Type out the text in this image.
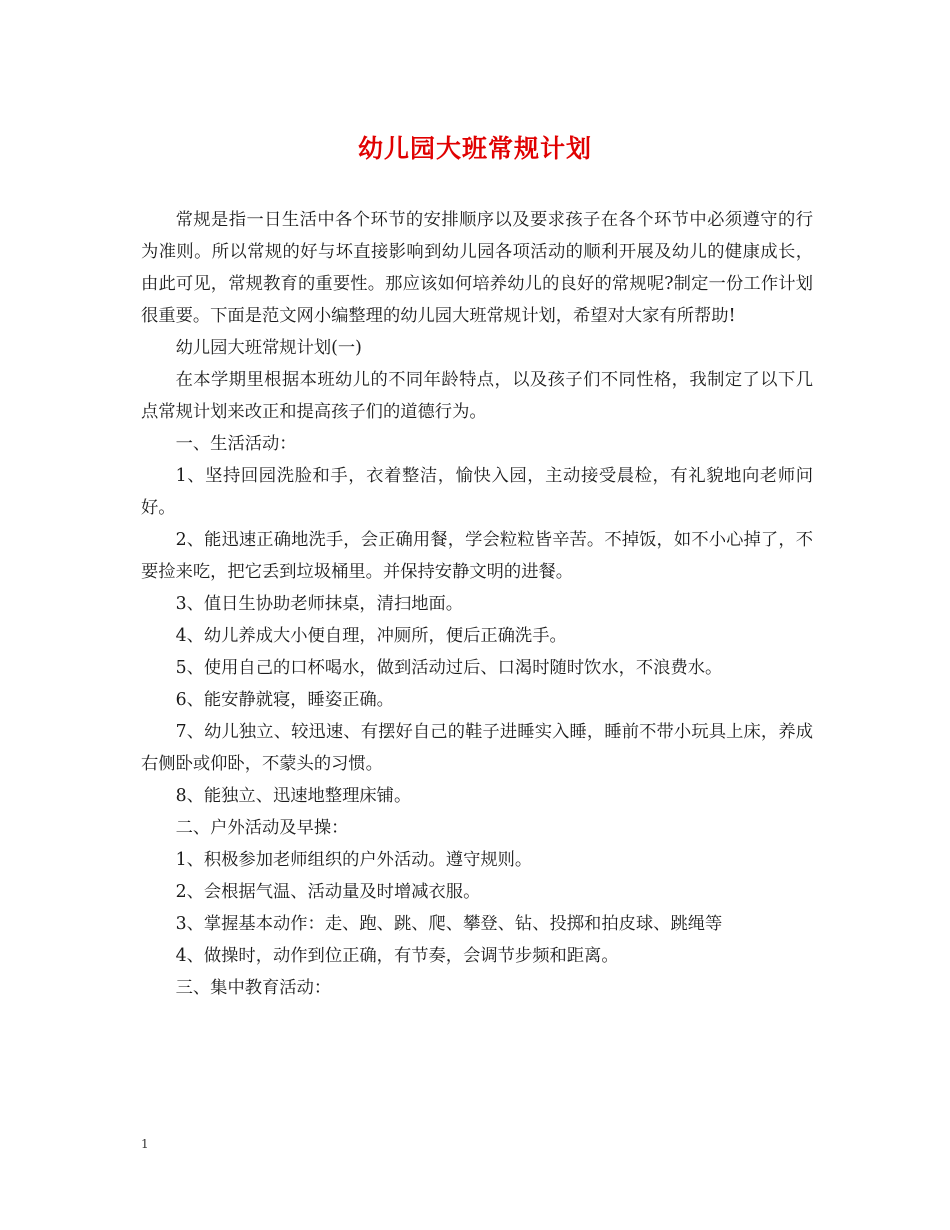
幼儿园大班常规计划

常规是指一日生活中各个环节的安排顺序以及要求孩子在各个环节中必须遵守的行为准则。所以常规的好与坏直接影响到幼儿园各项活动的顺利开展及幼儿的健康成长，由此可见，常规教育的重要性。那应该如何培养幼儿的良好的常规呢?制定一份工作计划很重要。下面是范文网小编整理的幼儿园大班常规计划，希望对大家有所帮助!

幼儿园大班常规计划(一)

在本学期里根据本班幼儿的不同年龄特点，以及孩子们不同性格，我制定了以下几点常规计划来改正和提高孩子们的道德行为。

一、生活活动：

1、坚持回园洗脸和手，衣着整洁，愉快入园，主动接受晨检，有礼貌地向老师问好。

2、能迅速正确地洗手，会正确用餐，学会粒粒皆辛苦。不掉饭，如不小心掉了，不要捡来吃，把它丢到垃圾桶里。并保持安静文明的进餐。

3、值日生协助老师抹桌，清扫地面。

4、幼儿养成大小便自理，冲厕所，便后正确洗手。

5、使用自己的口杯喝水，做到活动过后、口渴时随时饮水，不浪费水。

6、能安静就寝，睡姿正确。

7、幼儿独立、较迅速、有摆好自己的鞋子进睡实入睡，睡前不带小玩具上床，养成右侧卧或仰卧，不蒙头的习惯。

8、能独立、迅速地整理床铺。

二、户外活动及早操：

1、积极参加老师组织的户外活动。遵守规则。

2、会根据气温、活动量及时增减衣服。

3、掌握基本动作：走、跑、跳、爬、攀登、钻、投掷和拍皮球、跳绳等

4、做操时，动作到位正确，有节奏，会调节步频和距离。

三、集中教育活动：

1
